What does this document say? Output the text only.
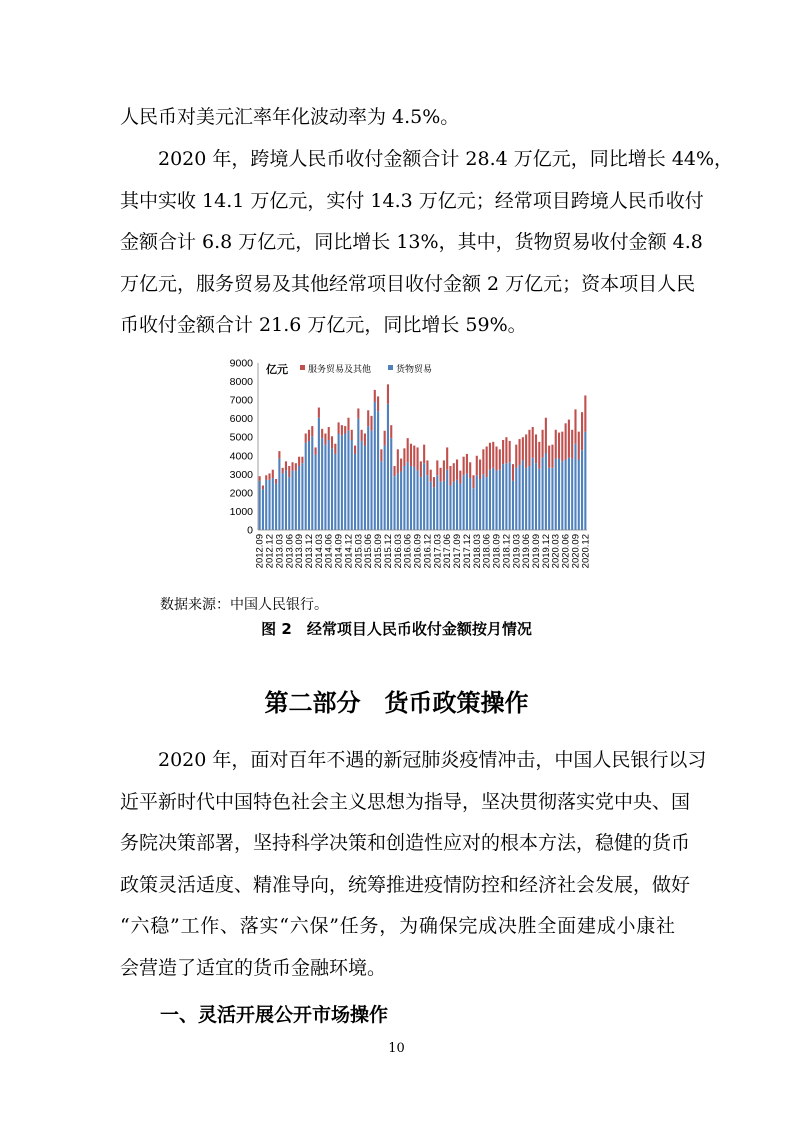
人民币对美元汇率年化波动率为 4.5%。
2020 年，跨境人民币收付金额合计 28.4 万亿元，同比增长 44%，
其中实收 14.1 万亿元，实付 14.3 万亿元；经常项目跨境人民币收付
金额合计 6.8 万亿元，同比增长 13%，其中，货物贸易收付金额 4.8
万亿元，服务贸易及其他经常项目收付金额 2 万亿元；资本项目人民
币收付金额合计 21.6 万亿元，同比增长 59%。
0
1000
2000
3000
4000
5000
6000
7000
8000
9000
2012.09
2012.12
2013.03
2013.06
2013.09
2013.12
2014.03
2014.06
2014.09
2014.12
2015.03
2015.06
2015.09
2015.12
2016.03
2016.06
2016.09
2016.12
2017.03
2017.06
2017.09
2017.12
2018.03
2018.06
2018.09
2018.12
2019.03
2019.06
2019.09
2019.12
2020.03
2020.06
2020.09
2020.12
亿元 服务贸易及其他	货物贸易
数据来源：中国人民银行。
图 2　经常项目人民币收付金额按月情况
第二部分　货币政策操作
2020 年，面对百年不遇的新冠肺炎疫情冲击，中国人民银行以习
近平新时代中国特色社会主义思想为指导，坚决贯彻落实党中央、国
务院决策部署，坚持科学决策和创造性应对的根本方法，稳健的货币
政策灵活适度、精准导向，统筹推进疫情防控和经济社会发展，做好
“六稳”工作、落实“六保”任务，为确保完成决胜全面建成小康社
会营造了适宜的货币金融环境。
一、灵活开展公开市场操作
10
